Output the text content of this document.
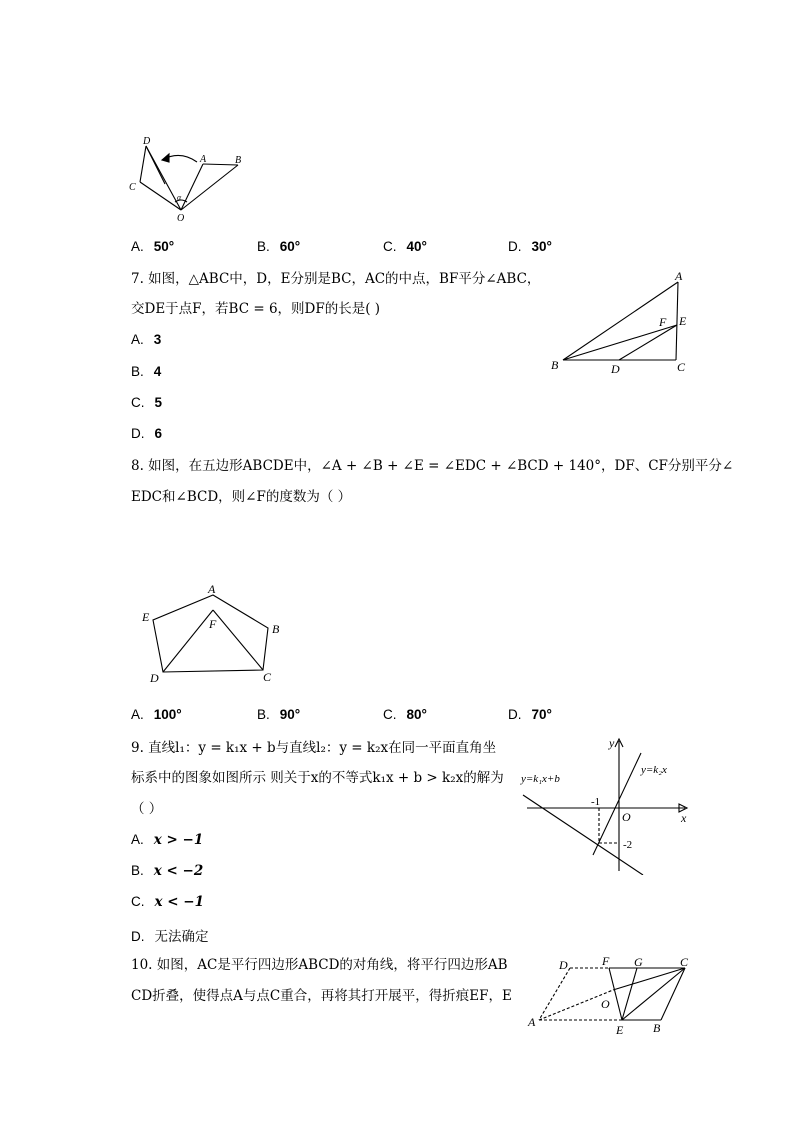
D
A	B
C
O
α
A. 50°	B. 60°	C. 40°	D. 30°
7. 如图，△ABC中，D，E分别是BC，AC的中点，BF平分∠ABC，
交DE于点F，若BC = 6，则DF的长是( )
A. 3
B. 4
C. 5
D. 6
A
B	C
D
E
F
8. 如图，在五边形ABCDE中，∠A + ∠B + ∠E = ∠EDC + ∠BCD + 140°，DF、CF分别平分∠
EDC和∠BCD，则∠F的度数为（ ）
A
B
C
D
E	F
A. 100°	B. 90°	C. 80°	D. 70°
9. 直线l₁：y = k₁x + b与直线l₂：y = k₂x在同一平面直角坐
标系中的图象如图所示 则关于x的不等式k₁x + b > k₂x的解为
（ ）
A. x > −1
B. x < −2
C. x < −1
D. 无法确定
y
x
O
y=k₁x+b
y=k₂x
-1
-2
10. 如图，AC是平行四边形ABCD的对角线，将平行四边形AB
CD折叠，使得点A与点C重合，再将其打开展平，得折痕EF，E
D	F G	C
O
A
E B
